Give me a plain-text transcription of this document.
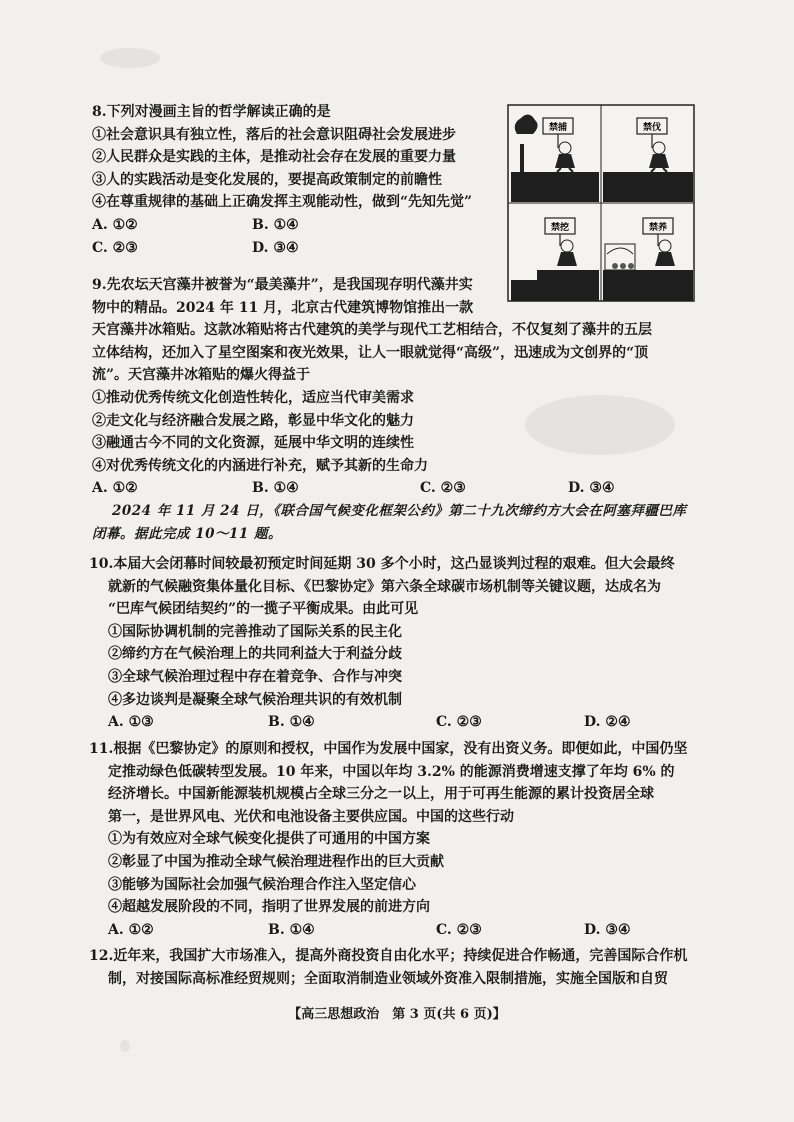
8.下列对漫画主旨的哲学解读正确的是
①社会意识具有独立性，落后的社会意识阻碍社会发展进步
②人民群众是实践的主体，是推动社会存在发展的重要力量
③人的实践活动是变化发展的，要提高政策制定的前瞻性
④在尊重规律的基础上正确发挥主观能动性，做到“先知先觉”
A. ①②	B. ①④
C. ②③	D. ③④
禁捕	禁伐
禁挖	禁养
9.先农坛天宫藻井被誉为“最美藻井”，是我国现存明代藻井实
物中的精品。2024 年 11 月，北京古代建筑博物馆推出一款
天宫藻井冰箱贴。这款冰箱贴将古代建筑的美学与现代工艺相结合，不仅复刻了藻井的五层
立体结构，还加入了星空图案和夜光效果，让人一眼就觉得“高级”，迅速成为文创界的“顶
流”。天宫藻井冰箱贴的爆火得益于
①推动优秀传统文化创造性转化，适应当代审美需求
②走文化与经济融合发展之路，彰显中华文化的魅力
③融通古今不同的文化资源，延展中华文明的连续性
④对优秀传统文化的内涵进行补充，赋予其新的生命力
A. ①②	B. ①④	C. ②③	D. ③④
2024 年 11 月 24 日，《联合国气候变化框架公约》第二十九次缔约方大会在阿塞拜疆巴库
闭幕。据此完成 10～11 题。
10.本届大会闭幕时间较最初预定时间延期 30 多个小时，这凸显谈判过程的艰难。但大会最终
就新的气候融资集体量化目标、《巴黎协定》第六条全球碳市场机制等关键议题，达成名为
“巴库气候团结契约”的一揽子平衡成果。由此可见
①国际协调机制的完善推动了国际关系的民主化
②缔约方在气候治理上的共同利益大于利益分歧
③全球气候治理过程中存在着竞争、合作与冲突
④多边谈判是凝聚全球气候治理共识的有效机制
A. ①③	B. ①④	C. ②③	D. ②④
11.根据《巴黎协定》的原则和授权，中国作为发展中国家，没有出资义务。即便如此，中国仍坚
定推动绿色低碳转型发展。10 年来，中国以年均 3.2% 的能源消费增速支撑了年均 6% 的
经济增长。中国新能源装机规模占全球三分之一以上，用于可再生能源的累计投资居全球
第一，是世界风电、光伏和电池设备主要供应国。中国的这些行动
①为有效应对全球气候变化提供了可通用的中国方案
②彰显了中国为推动全球气候治理进程作出的巨大贡献
③能够为国际社会加强气候治理合作注入坚定信心
④超越发展阶段的不同，指明了世界发展的前进方向
A. ①②	B. ①④	C. ②③	D. ③④
12.近年来，我国扩大市场准入，提高外商投资自由化水平；持续促进合作畅通，完善国际合作机
制，对接国际高标准经贸规则；全面取消制造业领域外资准入限制措施，实施全国版和自贸
【高三思想政治　第 3 页(共 6 页)】
